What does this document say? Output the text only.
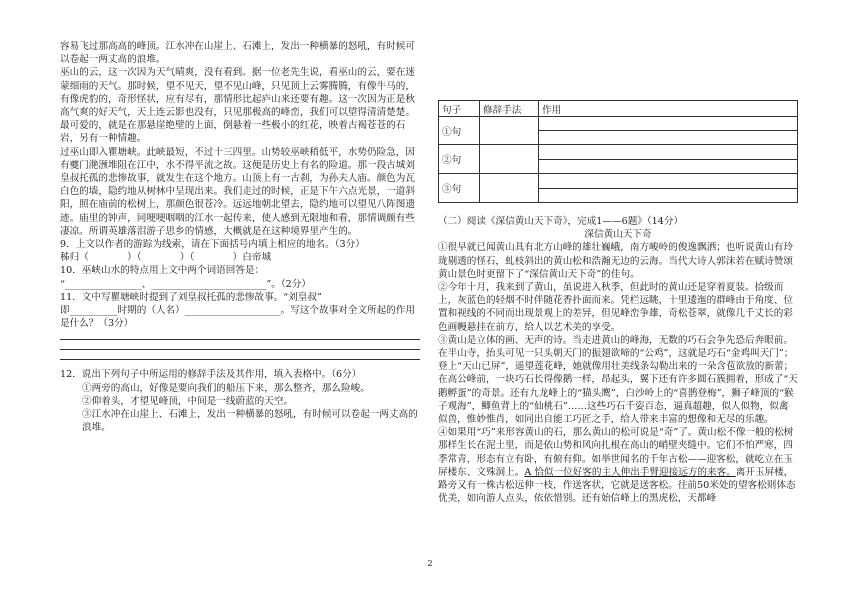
容易飞过那高高的峰顶。江水冲在山崖上、石滩上，发出一种横暴的怒吼，有时候可以卷起一两丈高的浪堆。

巫山的云，这一次因为天气晴爽，没有看到。据一位老先生说，看巫山的云，要在迷蒙细雨的天气。那时候，望不见天，望不见山峰，只见顶上云雾腾腾，有像牛马的，有像虎豹的，奇形怪状，应有尽有，那情形比起庐山来还要有趣。这一次因为正是秋高气爽的好天气，天上连云影也没有，只见那极高的峰峦，我们可以望得清清楚楚。最可爱的，就是在那悬崖绝壁的上面，倒悬着一些极小的红花，映着古褐苍苍的石岩，另有一种情趣。

过巫山即入瞿塘峡。此峡最短，不过十三四里。山势较巫峡稍低平，水势仍险急，因有夔门滟滪堆阻在江中，水不得平流之故。这便是历史上有名的险道。那一段古城刘皇叔托孤的悲惨故事，就发生在这个地方。山顶上有一古刹，为孙夫人庙。颜色为瓦白色的墙，隐约地从树林中呈现出来。我们走过的时候，正是下午六点光景，一道斜阳，照在庙前的松树上，那颜色很苍冷。远远地朝北望去，隐约地可以望见八阵图遗迹。庙里的钟声，同哽哽咽咽的江水一起传来，使人感到无限地和看，那情调颇有些凄凉。所谓英雄落泪游子思乡的情感，大概就是在这种境界里产生的。

9．上文以作者的游踪为线索，请在下面括号内填上相应的地名。（3分）

秭归（　　　　）（　　　　）（　　　　）白帝城

10．巫峡山水的特点用上文中两个词语回答是：

“________________、________________________”。（2分）

11．文中写瞿塘峡时提到了刘皇叔托孤的悲惨故事。“刘皇叔”

即__________时期的（人名）____________________。写这个故事对全文所起的作用是什么？（3分）

12．说出下列句子中所运用的修辞手法及其作用，填入表格中。（6分）

①两旁的高山，好像是要向我们的船压下来，那么整齐，那么险峻。

②仰着头，才望见峰顶，中间是一线蔚蓝的天空。

③江水冲在山崖上、石滩上，发出一种横暴的怒吼，有时候可以卷起一两丈高的浪堆。

句子	修辞手法	作用
①句		

②句		

③句		

（二）阅读《深信黄山天下奇》，完成1——6题》（14分）

深信黄山天下奇

①很早就已闻黄山具有北方山峰的雄壮巍峨，南方峻岭的俊逸飘洒；也听说黄山有玲珑剔透的怪石，虬枝斜出的黄山松和浩瀚无边的云海。当代大诗人郭沫若在赋诗赞颂黄山景色时更留下了“深信黄山天下奇”的佳句。

②今年十月，我来到了黄山，虽说进入秋季，但此时的黄山还是穿着夏装。拾级而上，灰蓝色的轻烟不时伴随花香扑面而来。凭栏远眺，十里逶迤的群峰由于角度、位置和视线的不同而出现景观上的差异，但见峰峦争雄，奇松苍翠，就像几千丈长的彩色画幔悬挂在前方，给人以艺术美的享受。

③黄山是立体的画、无声的诗。当走进黄山的峰海，无数的巧石会争先恐后奔眼前。在半山寺，抬头可见一只头朝天门的振翅欲啼的“公鸡”，这就是巧石“金鸡叫天门”；登上“天山已屏”，遥望莲花峰，她就像用壮美线条勾勒出来的一朵含苞欲放的新蕾；在高公峰前，一块巧石长得像鹅一样，昂起头，翼下还有许多圆石簇拥着，形成了“天鹅孵蛋”的奇景。还有九龙峰上的“猫头鹰”，白沙岭上的“喜鹊登梅”，狮子峰顶的“猴子观海”，鲫鱼背上的“仙桃石”……这些巧石千姿百态，逼真超趣，似人似物，似禽似兽，惟妙惟肖，如同出自能工巧匠之手，给人带来丰富的想像和无尽的乐趣。

④如果用“巧”来形容黄山的石，那么黄山的松可说是“奇”了。黄山松不像一般的松树那样生长在泥土里，而是依山势和风向扎根在高山的峭壁夹缝中。它们不怕严寒，四季常青，形态有立有卧，有俯有仰。如举世闻名的千年古松——迎客松，就屹立在玉屏楼东、文殊洞上。A 恰似一位好客的主人伸出手臂迎接远方的来客。离开玉屏楼，路旁又有一株古松远伸一枝，作送客状，它就是送客松。往前50米处的望客松则体态优美，如向游人点头，依依惜别。还有始信峰上的黑虎松，天都峰

2
